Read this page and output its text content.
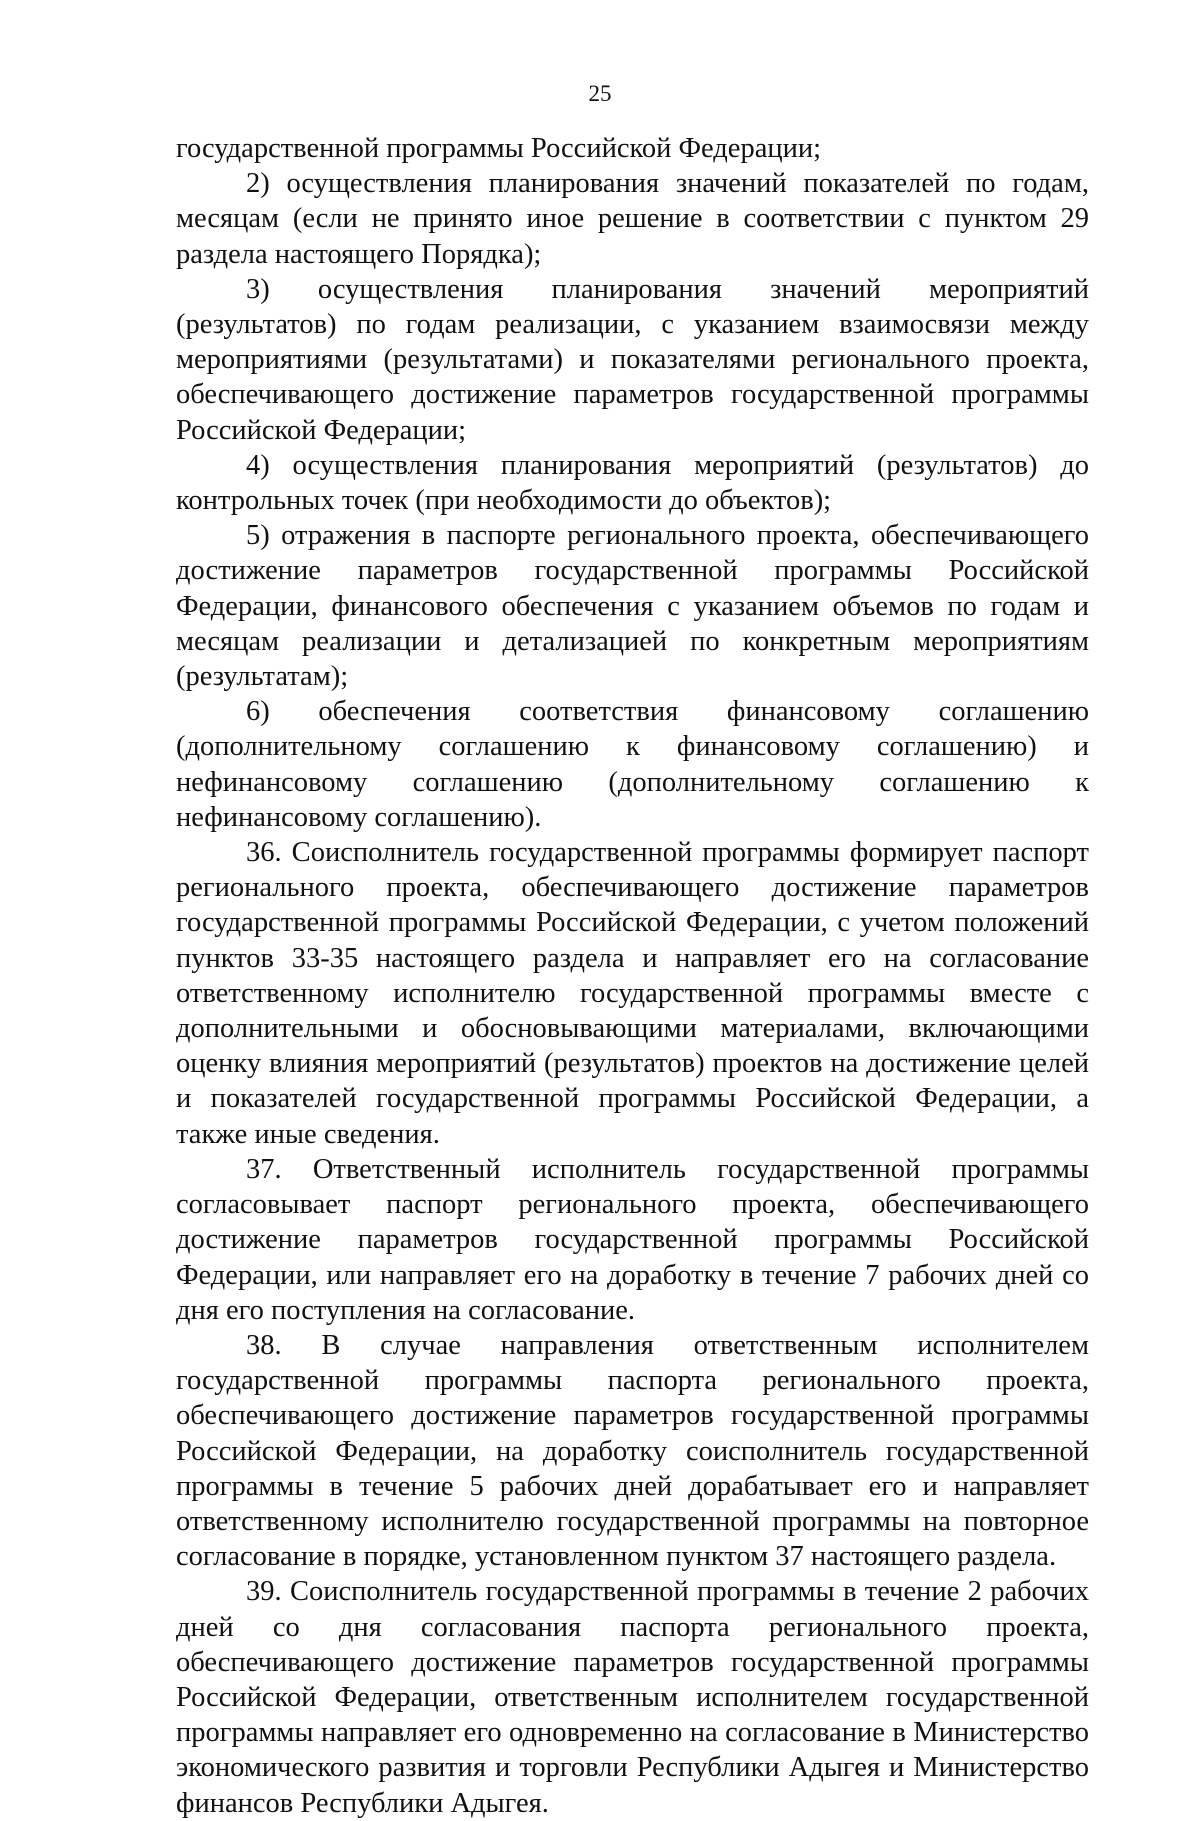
25

государственной программы Российской Федерации;

2) осуществления планирования значений показателей по годам, месяцам (если не принято иное решение в соответствии с пунктом 29 раздела настоящего Порядка);

3) осуществления планирования значений мероприятий (результатов) по годам реализации, с указанием взаимосвязи между мероприятиями (результатами) и показателями регионального проекта, обеспечивающего достижение параметров государственной программы Российской Федерации;

4) осуществления планирования мероприятий (результатов) до контрольных точек (при необходимости до объектов);

5) отражения в паспорте регионального проекта, обеспечивающего достижение параметров государственной программы Российской Федерации, финансового обеспечения с указанием объемов по годам и месяцам реализации и детализацией по конкретным мероприятиям (результатам);

6) обеспечения соответствия финансовому соглашению (дополнительному соглашению к финансовому соглашению) и нефинансовому соглашению (дополнительному соглашению к нефинансовому соглашению).

36. Соисполнитель государственной программы формирует паспорт регионального проекта, обеспечивающего достижение параметров государственной программы Российской Федерации, с учетом положений пунктов 33-35 настоящего раздела и направляет его на согласование ответственному исполнителю государственной программы вместе с дополнительными и обосновывающими материалами, включающими оценку влияния мероприятий (результатов) проектов на достижение целей и показателей государственной программы Российской Федерации, а также иные сведения.

37. Ответственный исполнитель государственной программы согласовывает паспорт регионального проекта, обеспечивающего достижение параметров государственной программы Российской Федерации, или направляет его на доработку в течение 7 рабочих дней со дня его поступления на согласование.

38. В случае направления ответственным исполнителем государственной программы паспорта регионального проекта, обеспечивающего достижение параметров государственной программы Российской Федерации, на доработку соисполнитель государственной программы в течение 5 рабочих дней дорабатывает его и направляет ответственному исполнителю государственной программы на повторное согласование в порядке, установленном пунктом 37 настоящего раздела.

39. Соисполнитель государственной программы в течение 2 рабочих дней со дня согласования паспорта регионального проекта, обеспечивающего достижение параметров государственной программы Российской Федерации, ответственным исполнителем государственной программы направляет его одновременно на согласование в Министерство экономического развития и торговли Республики Адыгея и Министерство финансов Республики Адыгея.
